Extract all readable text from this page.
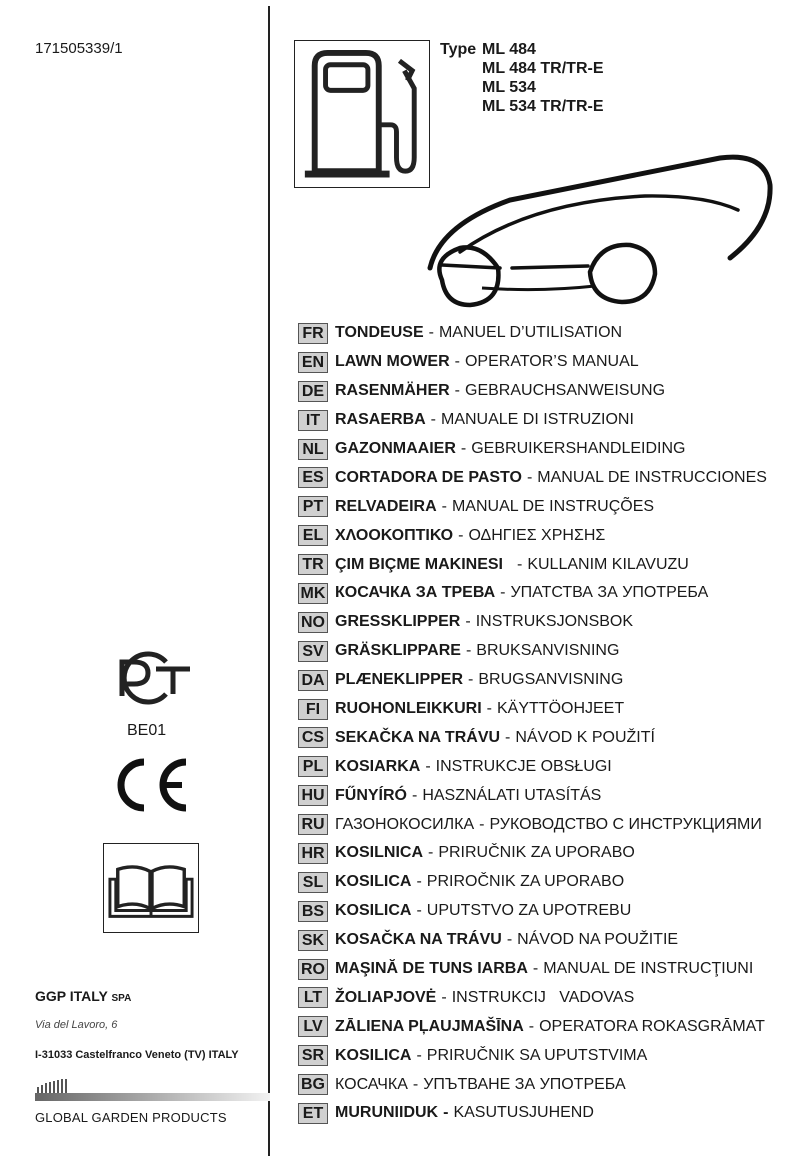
171505339/1	Type ML 484
ML 484 TR/TR-E
ML 534
ML 534 TR/TR-E
FR TONDEUSE - MANUEL D’UTILISATION
EN LAWN MOWER - OPERATOR’S MANUAL
DE RASENMÄHER - GEBRAUCHSANWEISUNG
IT RASAERBA - MANUALE DI ISTRUZIONI
NL GAZONMAAIER - GEBRUIKERSHANDLEIDING
ES CORTADORA DE PASTO - MANUAL DE INSTRUCCIONES
PT RELVADEIRA - MANUAL DE INSTRUÇÕES
EL ΧΛΟΟΚΟΠΤΙΚΟ - ΟΔΗΓΙΕΣ ΧΡΗΣΗΣ
TR ÇIM BIÇME MAKINESI - KULLANIM KILAVUZU
MK КОСАЧКА ЗА ТРЕВА - УПАТСТВА ЗА УПОТРЕБА
NO GRESSKLIPPER - INSTRUKSJONSBOK
SV GRÄSKLIPPARE - BRUKSANVISNING
DA PLÆNEKLIPPER - BRUGSANVISNING
FI RUOHONLEIKKURI - KÄYTTÖOHJEET
CS SEKAČKA NA TRÁVU - NÁVOD K POUŽITÍ
PL KOSIARKA - INSTRUKCJE OBSŁUGI
HU FŰNYÍRÓ - HASZNÁLATI UTASÍTÁS
RU ГАЗОНОКОСИЛКА - РУКОВОДСТВО С ИНСТРУКЦИЯМИ
HR KOSILNICA - PRIRUČNIK ZA UPORABO
SL KOSILICA - PRIROČNIK ZA UPORABO
BS KOSILICA - UPUTSTVO ZA UPOTREBU
SK KOSAČKA NA TRÁVU - NÁVOD NA POUŽITIE
RO MAŞINĂ DE TUNS IARBA - MANUAL DE INSTRUCŢIUNI
LT ŽOLIAPJOVĖ - INSTRUKCIJ   VADOVAS
LV ZĀLIENA PĻAUJMAŠĪNA - OPERATORA ROKASGRĀMAT
SR KOSILICA - PRIRUČNIK SA UPUTSTVIMA
BG КОСАЧКА - УПЪТВАНЕ ЗА УПОТРЕБА
ET MURUNIIDUK - KASUTUSJUHEND
BE01
GGP ITALY SPA
Via del Lavoro, 6
I-31033 Castelfranco Veneto (TV) ITALY
GLOBAL GARDEN PRODUCTS
